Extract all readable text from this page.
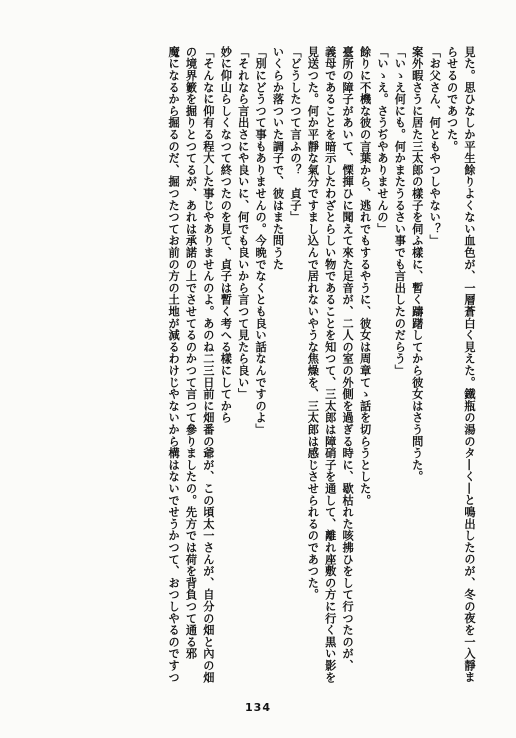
見た。思ひなしか平生餘りよくない血色が、一層蒼白く見えた。鐵瓶の湯のタ―く―と鳴出したのが、冬の夜を一入靜ま
らせるのであつた。
「お父さん、何ともやつしやない？」
案外暇さうに居た三太郎の樣子を伺ふ樣に、暫く躊躇してから彼女はさう問うた。
「いゝえ何にも。何かまたうるさい事でも言出したのだらう」
「いゝえ。さうぢやありませんの」
餘りに不機な彼の言葉から、逃れでもするやうに、彼女は周章てゝ話を切らうとした。
臺所の障子があいて、慄揮ひに聞えて來た足音が、二人の室の外側を過ぎる時に、歇枯れた咳拂ひをして行つたのが、
義母であることを暗示したわざとらしい物であることを知つて、三太郎は障硝子を通して、離れ座敷の方に行く黒い影を
見送つた。何か平靜な氣分ですまし込んで居れないやうな焦燥を、三太郎は感じさせられるのであつた。
「どうしたつて言ふの？　貞子」
いくらか落ついた調子で、彼はまた問うた
「別にどうつて事もありませんの。今晩でなくとも良い話なんですのよ」
「それなら言出さにや良いに、何でも良いから言つて見たら良い」
妙に仰山らしくなつて終つたのを見て、貞子は暫く考へる樣にしてから
「そんなに仰有る程大した事じやありませんのよ。あのね二三日前に畑番の爺が、この頃太一さんが、自分の畑と內の畑
の境界籔を掘りとつてるが、あれは承諾の上でさせてるのかつて言つて參りましたの。先方では荷を背負つて通る邪
魔になるから掘るのだ、掘つたつてお前の方の土地が減るわけじやないから構はないでせうかつて、おつしやるのですつ
134
